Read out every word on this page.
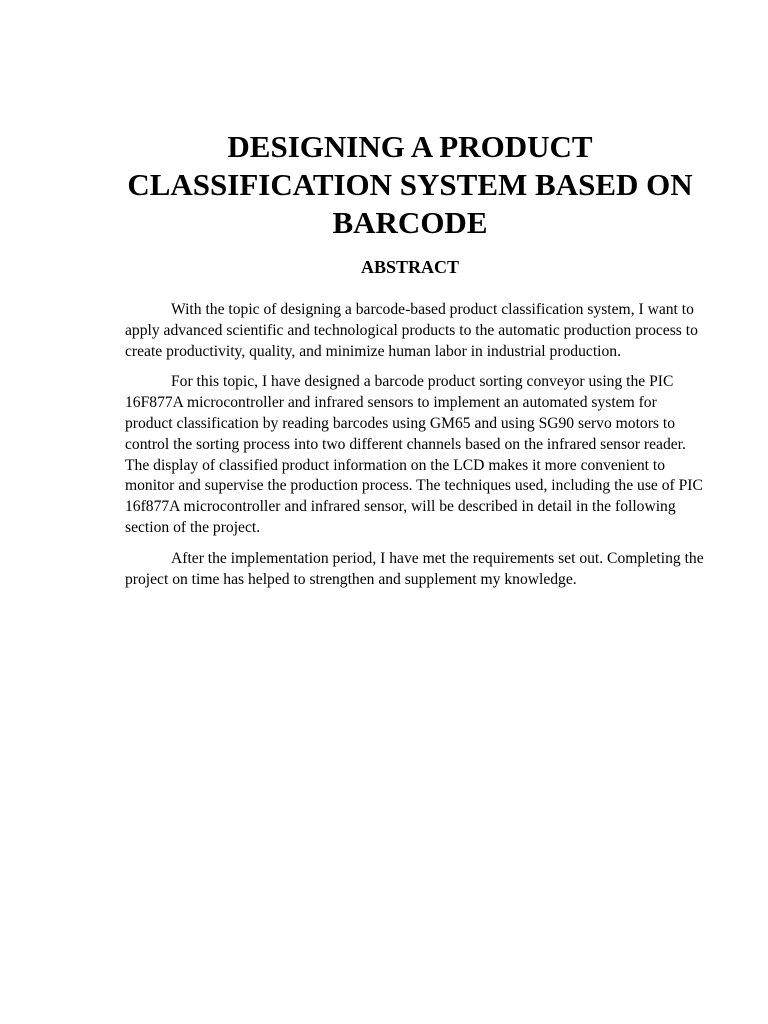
DESIGNING A PRODUCT CLASSIFICATION SYSTEM BASED ON BARCODE
ABSTRACT

With the topic of designing a barcode-based product classification system, I want to apply advanced scientific and technological products to the automatic production process to create productivity, quality, and minimize human labor in industrial production.

For this topic, I have designed a barcode product sorting conveyor using the PIC 16F877A microcontroller and infrared sensors to implement an automated system for product classification by reading barcodes using GM65 and using SG90 servo motors to control the sorting process into two different channels based on the infrared sensor reader. The display of classified product information on the LCD makes it more convenient to monitor and supervise the production process. The techniques used, including the use of PIC 16f877A microcontroller and infrared sensor, will be described in detail in the following section of the project.

After the implementation period, I have met the requirements set out. Completing the project on time has helped to strengthen and supplement my knowledge.
